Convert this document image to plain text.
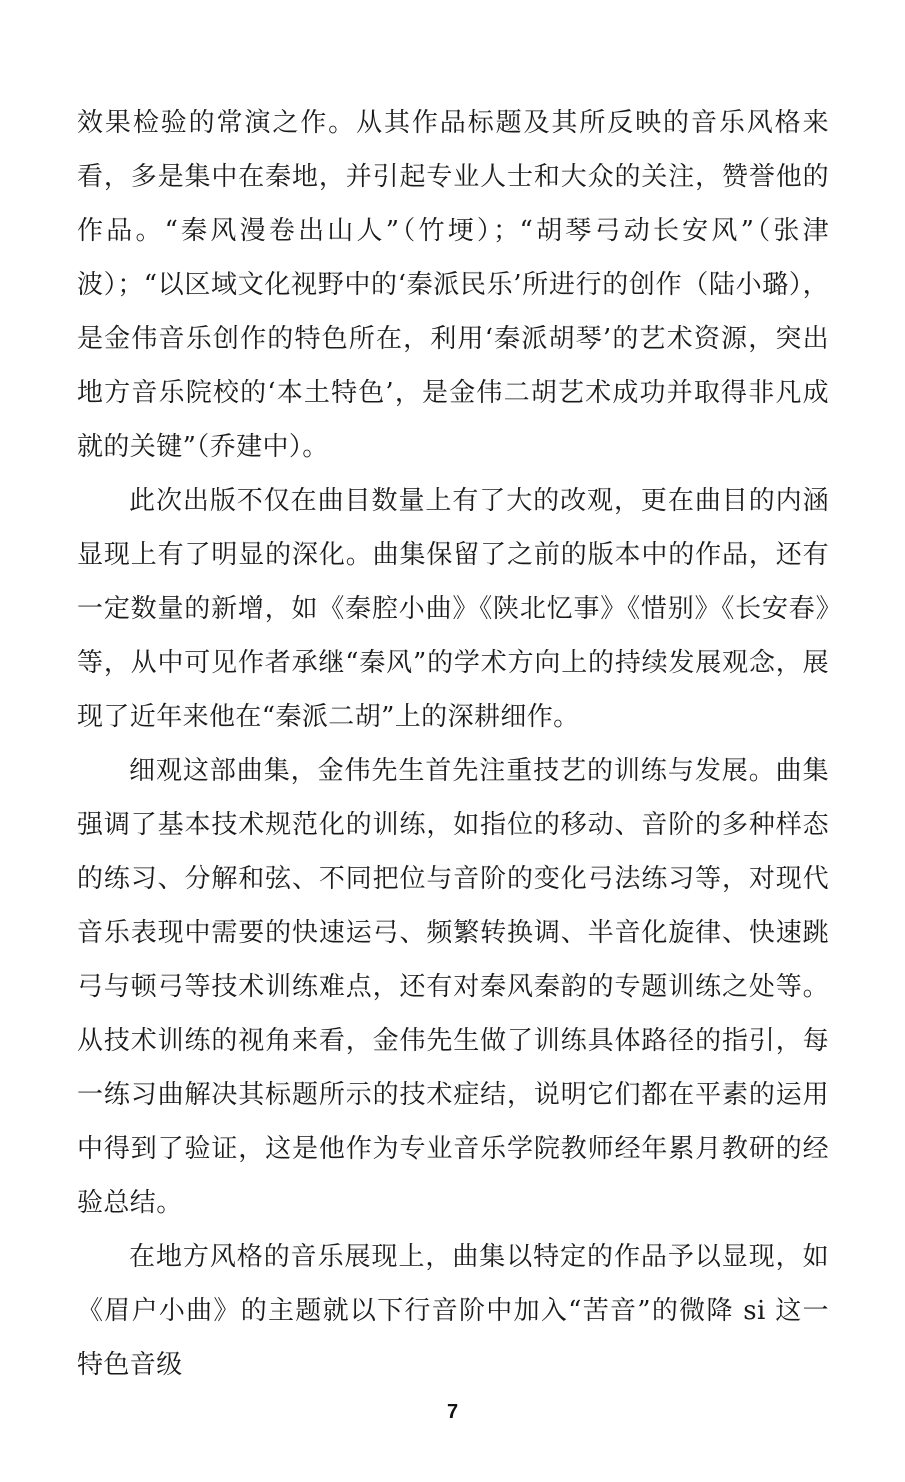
效果检验的常演之作。从其作品标题及其所反映的音乐风格来看，多是集中在秦地，并引起专业人士和大众的关注，赞誉他的作品。“秦风漫卷出山人”（竹埂）；“胡琴弓动长安风”（张津波）；“以区域文化视野中的‘秦派民乐’所进行的创作（陆小璐），是金伟音乐创作的特色所在，利用‘秦派胡琴’的艺术资源，突出地方音乐院校的‘本土特色’，是金伟二胡艺术成功并取得非凡成就的关键”（乔建中）。

此次出版不仅在曲目数量上有了大的改观，更在曲目的内涵显现上有了明显的深化。曲集保留了之前的版本中的作品，还有一定数量的新增，如《秦腔小曲》《陕北忆事》《惜别》《长安春》等，从中可见作者承继“秦风”的学术方向上的持续发展观念，展现了近年来他在“秦派二胡”上的深耕细作。

细观这部曲集，金伟先生首先注重技艺的训练与发展。曲集强调了基本技术规范化的训练，如指位的移动、音阶的多种样态的练习、分解和弦、不同把位与音阶的变化弓法练习等，对现代音乐表现中需要的快速运弓、频繁转换调、半音化旋律、快速跳弓与顿弓等技术训练难点，还有对秦风秦韵的专题训练之处等。从技术训练的视角来看，金伟先生做了训练具体路径的指引，每一练习曲解决其标题所示的技术症结，说明它们都在平素的运用中得到了验证，这是他作为专业音乐学院教师经年累月教研的经验总结。

在地方风格的音乐展现上，曲集以特定的作品予以显现，如《眉户小曲》的主题就以下行音阶中加入“苦音”的微降 si 这一特色音级

7
